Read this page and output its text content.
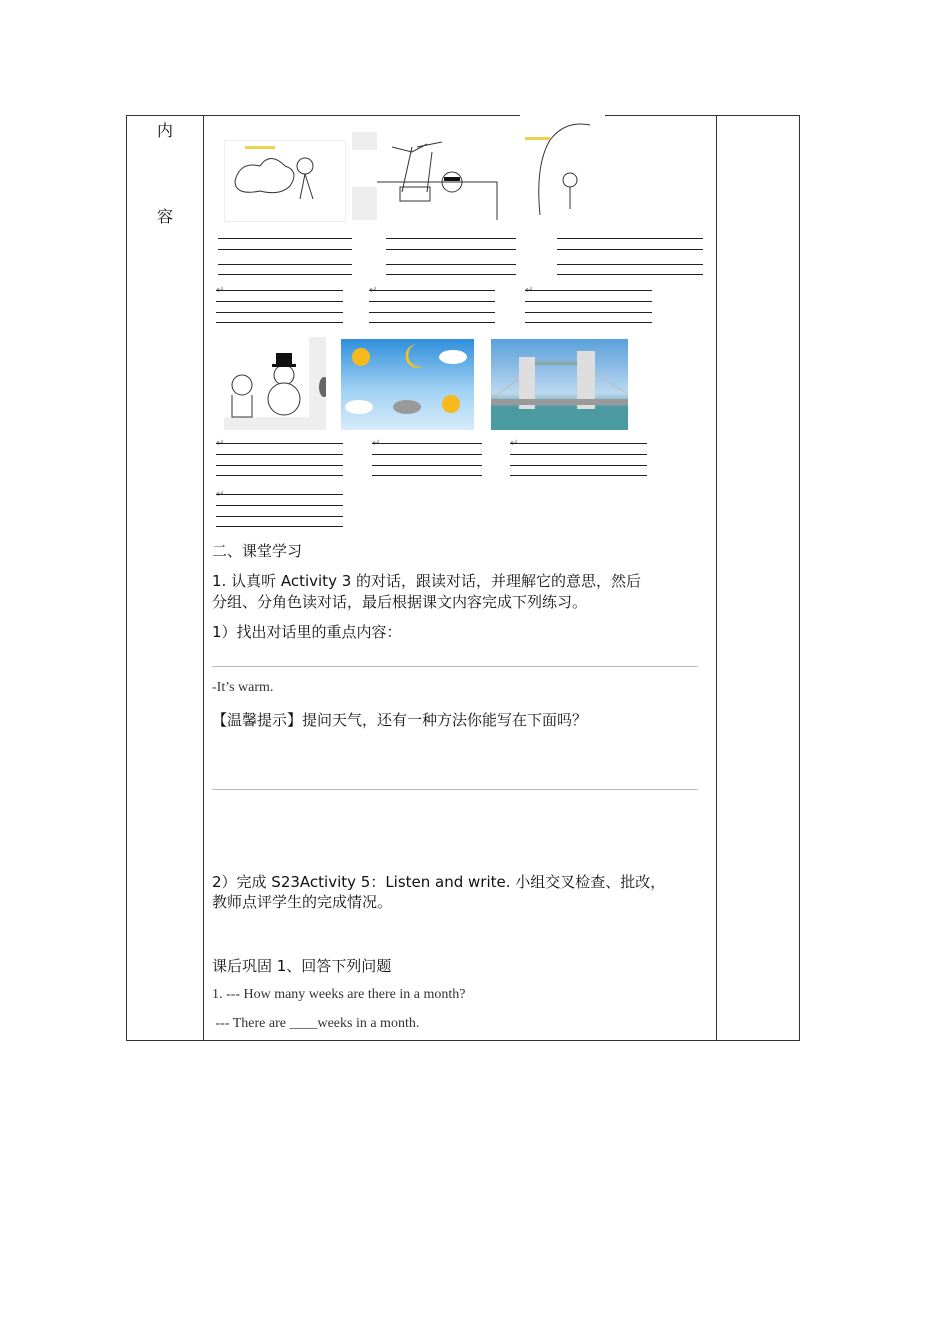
内
容
↵	↵	↵
↵	↵	↵
↵
二、课堂学习
1. 认真听 Activity 3 的对话，跟读对话，并理解它的意思，然后
分组、分角色读对话，最后根据课文内容完成下列练习。
1）找出对话里的重点内容：
-It’s warm.
【温馨提示】提问天气，还有一种方法你能写在下面吗？
2）完成 S23Activity 5：Listen and write. 小组交叉检查、批改，
教师点评学生的完成情况。
课后巩固 1、回答下列问题
1. --- How many weeks are there in a month?
--- There are ____weeks in a month.
